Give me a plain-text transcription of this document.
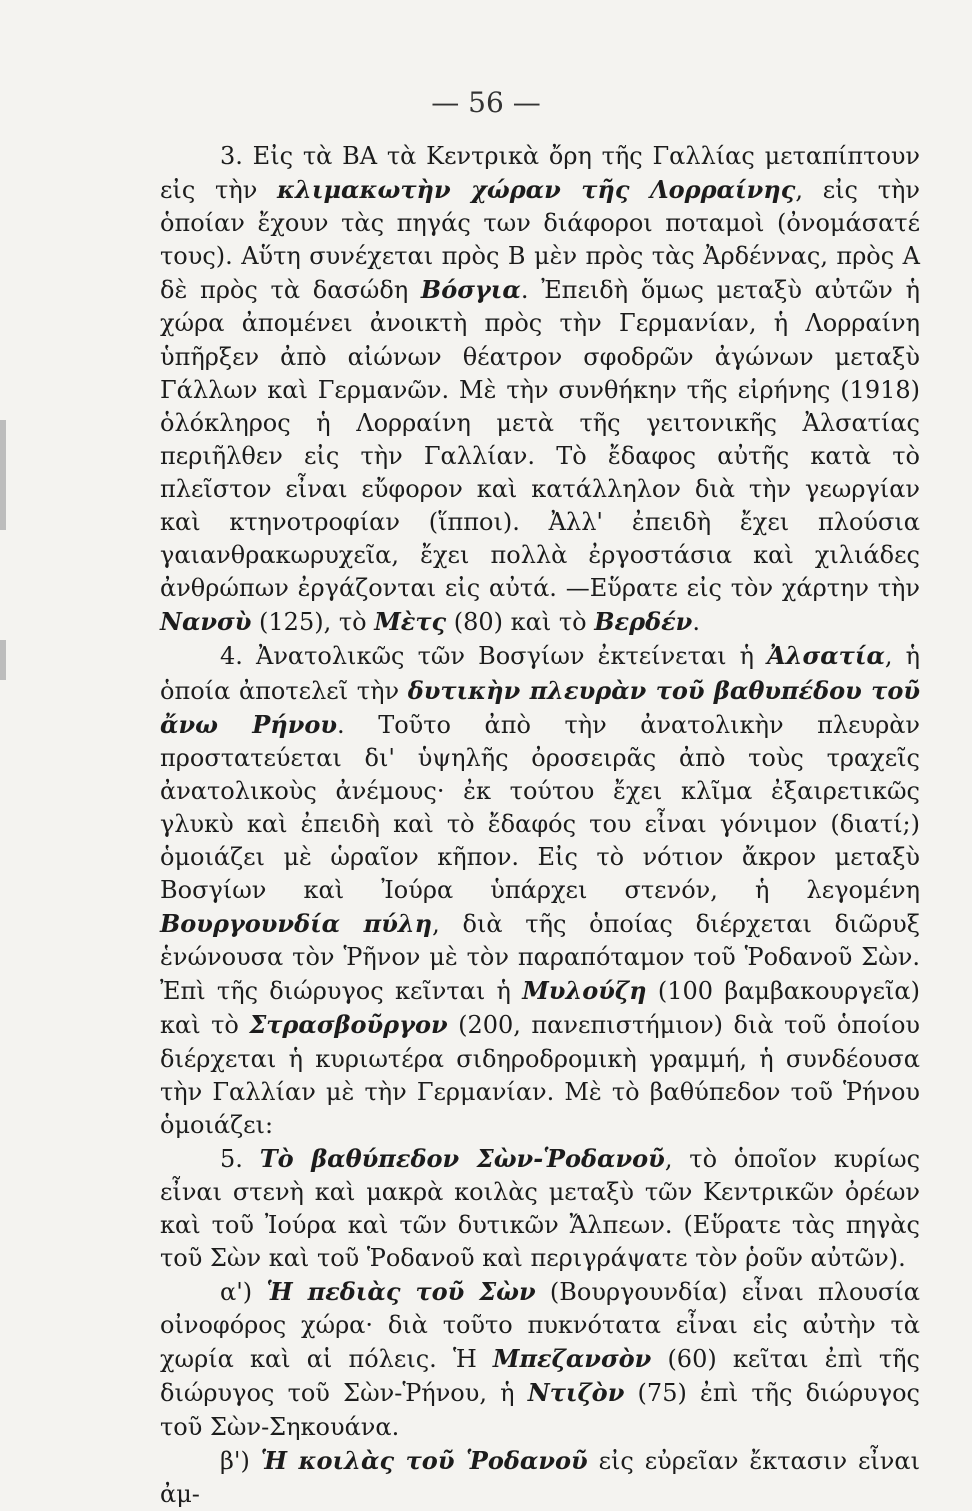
— 56 —

3. Εἰς τὰ ΒΑ τὰ Κεντρικὰ ὄρη τῆς Γαλλίας μεταπίπτουν εἰς τὴν κλιμακωτὴν χώραν τῆς Λορραίνης, εἰς τὴν ὁποίαν ἔχουν τὰς πηγάς των διάφοροι ποταμοὶ (ὀνομάσατέ τους). Αὕτη συνέχεται πρὸς Β μὲν πρὸς τὰς Ἀρδέννας, πρὸς Α δὲ πρὸς τὰ δασώδη Βόσγια. Ἐπειδὴ ὅμως μεταξὺ αὐτῶν ἡ χώρα ἀπομένει ἀνοικτὴ πρὸς τὴν Γερμανίαν, ἡ Λορραίνη ὑπῆρξεν ἀπὸ αἰώνων θέατρον σφοδρῶν ἀγώνων μεταξὺ Γάλλων καὶ Γερμανῶν. Μὲ τὴν συνθήκην τῆς εἰρήνης (1918) ὁλόκληρος ἡ Λορραίνη μετὰ τῆς γειτονικῆς Ἀλσατίας περιῆλθεν εἰς τὴν Γαλλίαν. Τὸ ἔδαφος αὐτῆς κατὰ τὸ πλεῖστον εἶναι εὔφορον καὶ κατάλληλον διὰ τὴν γεωργίαν καὶ κτηνοτροφίαν (ἵπποι). Ἀλλ' ἐπειδὴ ἔχει πλούσια γαιανθρακωρυχεῖα, ἔχει πολλὰ ἐργοστάσια καὶ χιλιάδες ἀνθρώπων ἐργάζονται εἰς αὐτά. —Εὕρατε εἰς τὸν χάρτην τὴν Νανσὺ (125), τὸ Μὲτς (80) καὶ τὸ Βερδέν.

4. Ἀνατολικῶς τῶν Βοσγίων ἐκτείνεται ἡ Ἀλσατία, ἡ ὁποία ἀποτελεῖ τὴν δυτικὴν πλευρὰν τοῦ βαθυπέδου τοῦ ἄνω Ρήνου. Τοῦτο ἀπὸ τὴν ἀνατολικὴν πλευρὰν προστατεύεται δι' ὑψηλῆς ὀροσειρᾶς ἀπὸ τοὺς τραχεῖς ἀνατολικοὺς ἀνέμους· ἐκ τούτου ἔχει κλῖμα ἐξαιρετικῶς γλυκὺ καὶ ἐπειδὴ καὶ τὸ ἔδαφός του εἶναι γόνιμον (διατί;) ὁμοιάζει μὲ ὡραῖον κῆπον. Εἰς τὸ νότιον ἄκρον μεταξὺ Βοσγίων καὶ Ἰούρα ὑπάρχει στενόν, ἡ λεγομένη Βουργουνδία πύλη, διὰ τῆς ὁποίας διέρχεται διῶρυξ ἑνώνουσα τὸν Ῥῆνον μὲ τὸν παραπόταμον τοῦ Ῥοδανοῦ Σὼν. Ἐπὶ τῆς διώρυγος κεῖνται ἡ Μυλούζη (100 βαμβακουργεῖα) καὶ τὸ Στρασβοῦργον (200, πανεπιστήμιον) διὰ τοῦ ὁποίου διέρχεται ἡ κυριωτέρα σιδηροδρομικὴ γραμμή, ἡ συνδέουσα τὴν Γαλλίαν μὲ τὴν Γερμανίαν. Μὲ τὸ βαθύπεδον τοῦ Ῥήνου ὁμοιάζει:

5. Τὸ βαθύπεδον Σὼν-Ῥοδανοῦ, τὸ ὁποῖον κυρίως εἶναι στενὴ καὶ μακρὰ κοιλὰς μεταξὺ τῶν Κεντρικῶν ὀρέων καὶ τοῦ Ἰούρα καὶ τῶν δυτικῶν Ἄλπεων. (Εὕρατε τὰς πηγὰς τοῦ Σὼν καὶ τοῦ Ῥοδανοῦ καὶ περιγράψατε τὸν ῥοῦν αὐτῶν).

α') Ἡ πεδιὰς τοῦ Σὼν (Βουργουνδία) εἶναι πλουσία οἰνοφόρος χώρα· διὰ τοῦτο πυκνότατα εἶναι εἰς αὐτὴν τὰ χωρία καὶ αἱ πόλεις. Ἡ Μπεζανσὸν (60) κεῖται ἐπὶ τῆς διώρυγος τοῦ Σὼν-Ῥήνου, ἡ Ντιζὸν (75) ἐπὶ τῆς διώρυγος τοῦ Σὼν-Σηκουάνα.

β') Ἡ κοιλὰς τοῦ Ῥοδανοῦ εἰς εὐρεῖαν ἔκτασιν εἶναι ἀμ-
